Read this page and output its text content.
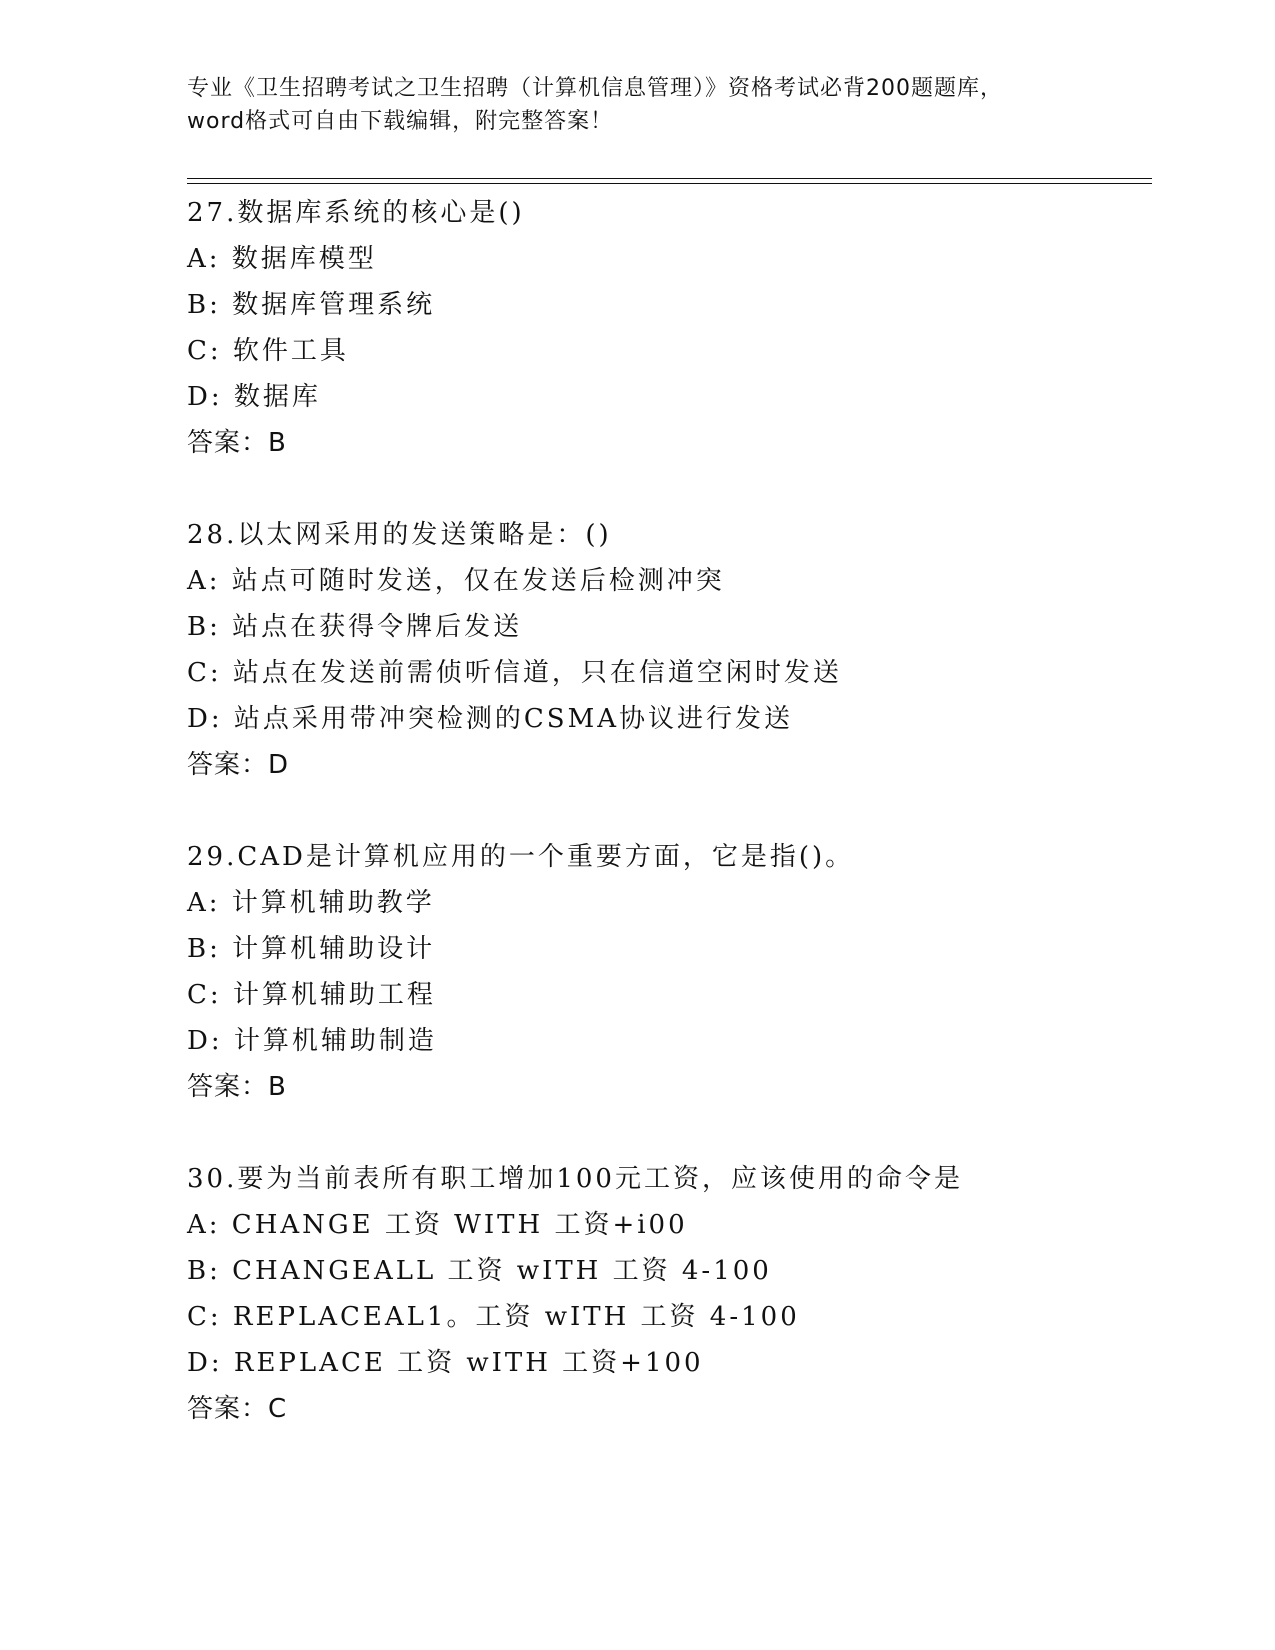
专业《卫生招聘考试之卫生招聘（计算机信息管理）》资格考试必背200题题库，
word格式可自由下载编辑，附完整答案！
27.数据库系统的核心是()
A: 数据库模型
B: 数据库管理系统
C: 软件工具
D: 数据库
答案：B
28.以太网采用的发送策略是：()
A: 站点可随时发送，仅在发送后检测冲突
B: 站点在获得令牌后发送
C: 站点在发送前需侦听信道，只在信道空闲时发送
D: 站点采用带冲突检测的CSMA协议进行发送
答案：D
29.CAD是计算机应用的一个重要方面，它是指()。
A: 计算机辅助教学
B: 计算机辅助设计
C: 计算机辅助工程
D: 计算机辅助制造
答案：B
30.要为当前表所有职工增加100元工资，应该使用的命令是
A: CHANGE 工资 WITH 工资+i00
B: CHANGEALL 工资 wITH 工资 4-100
C: REPLACEAL1。工资 wITH 工资 4-100
D: REPLACE 工资 wITH 工资+100
答案：C
